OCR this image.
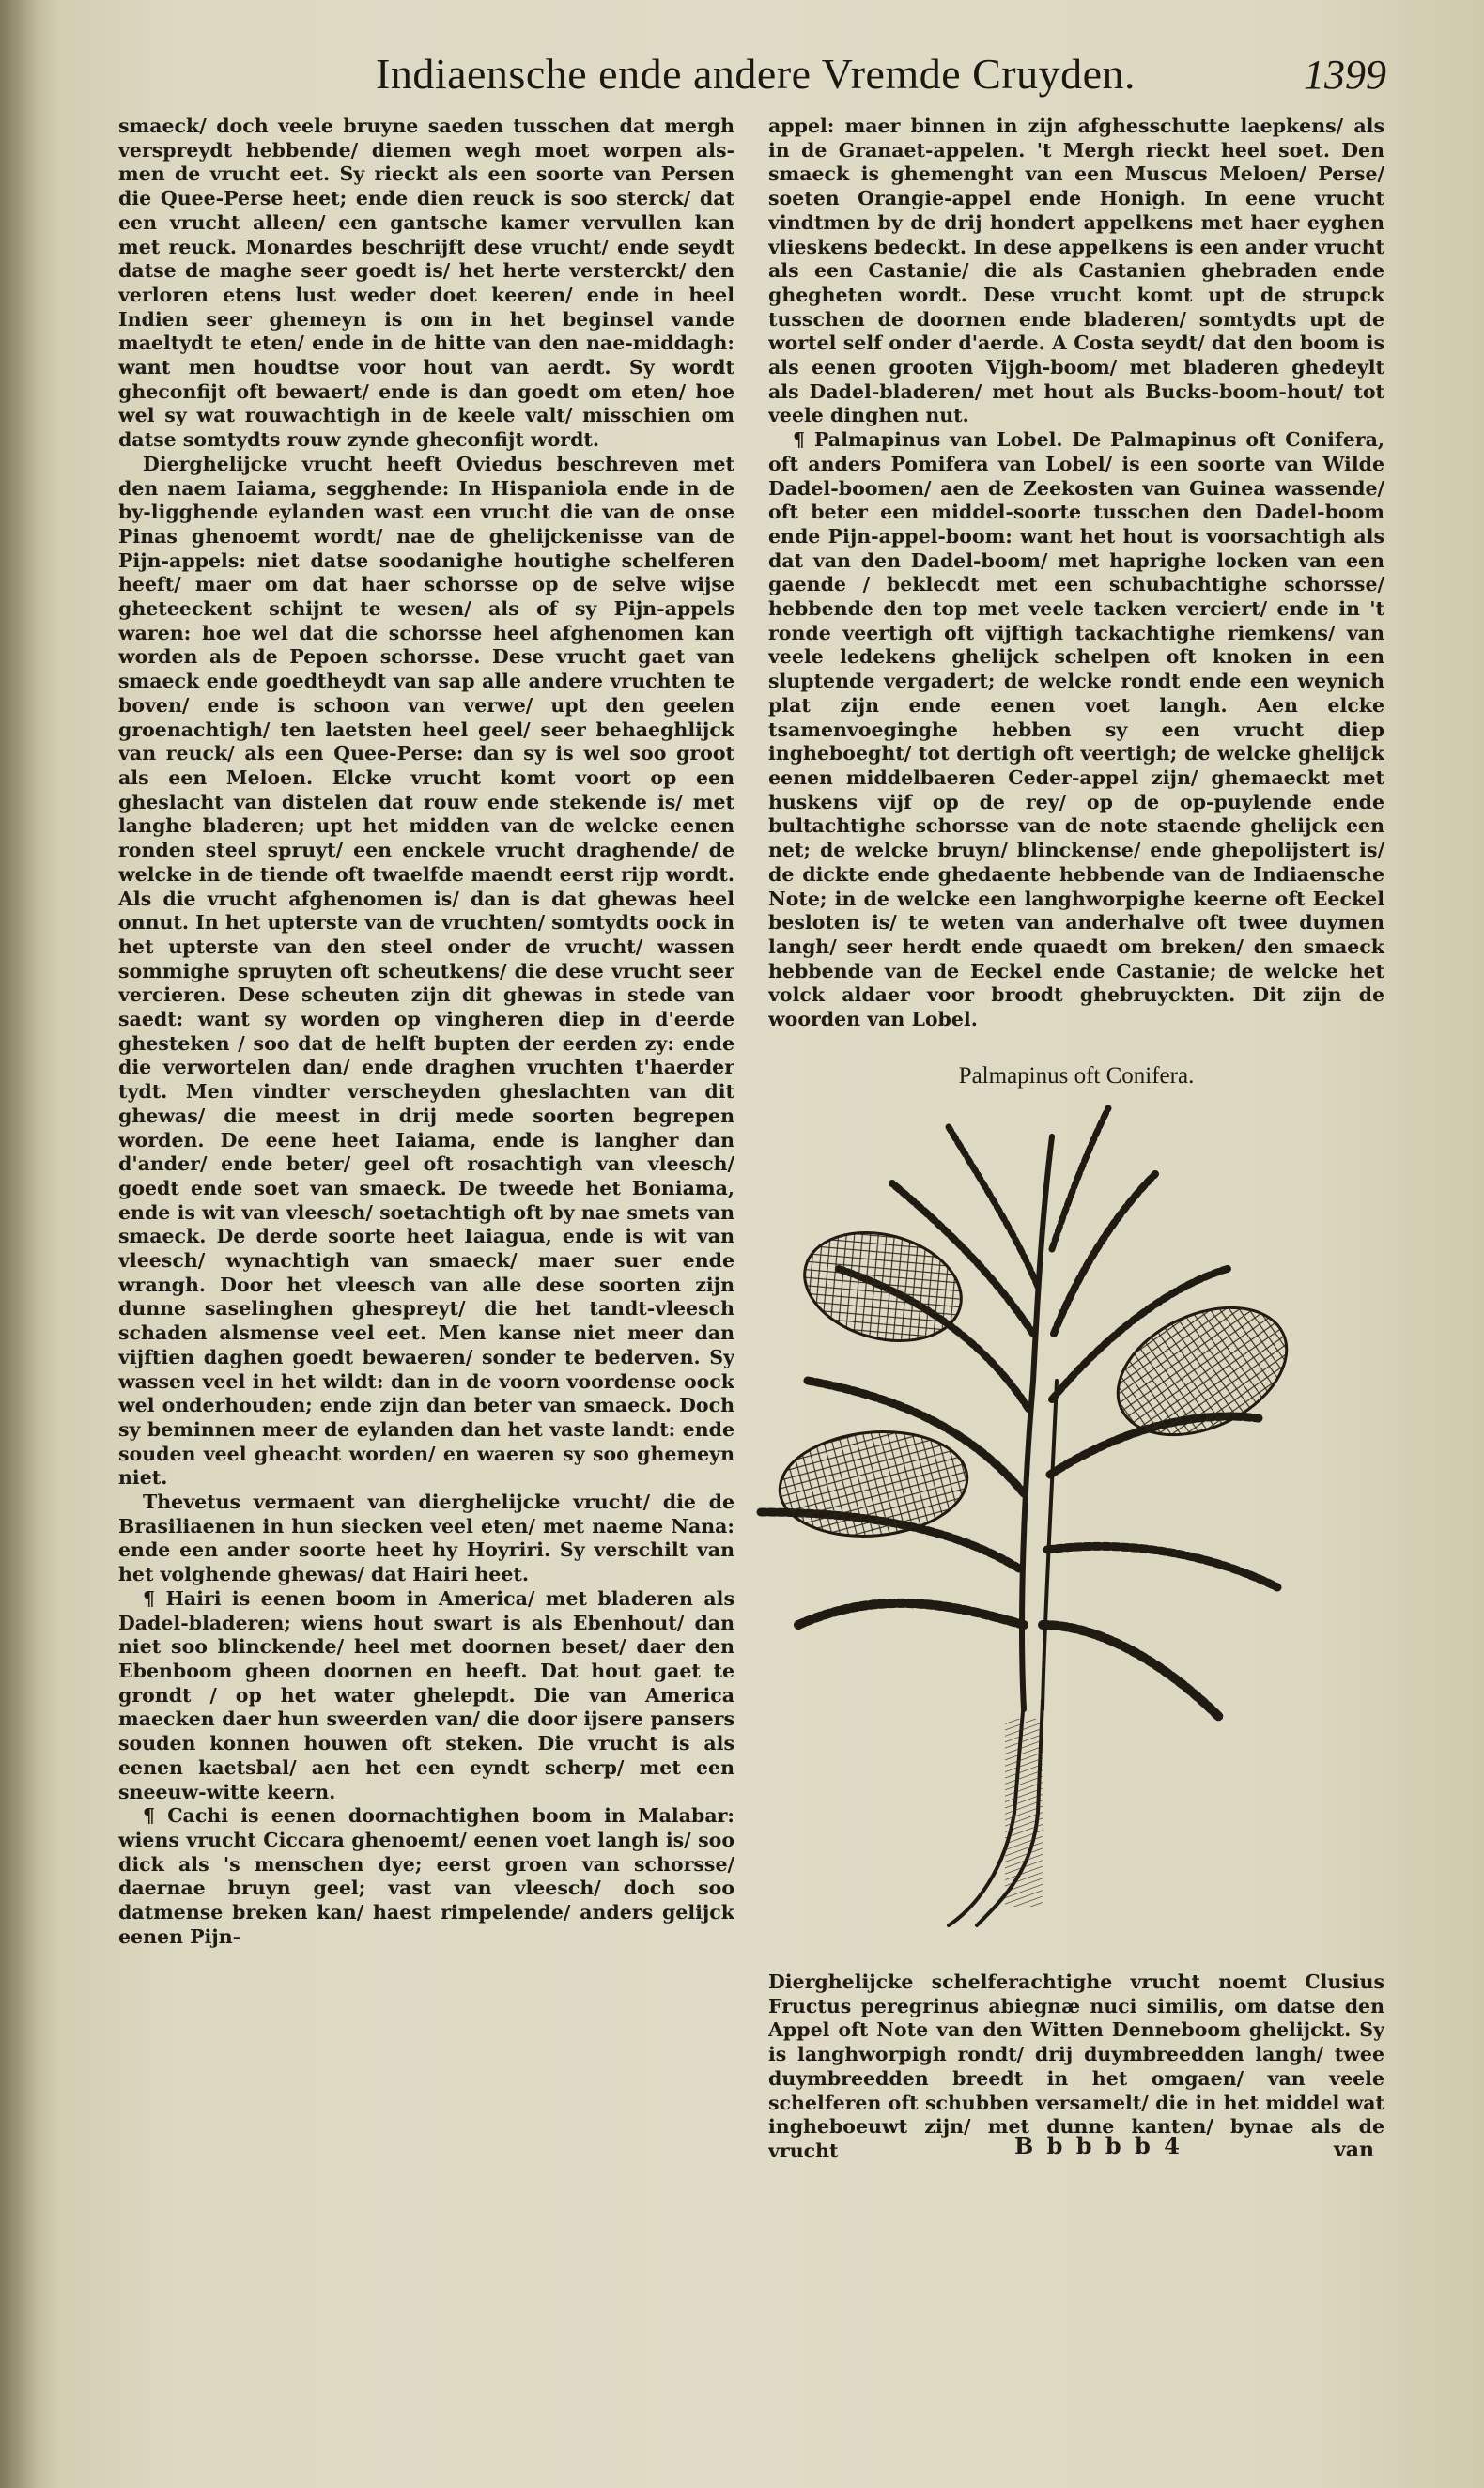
Indiaensche ende andere Vremde Cruyden.	1399

smaeck/ doch veele bruyne saeden tusschen dat mergh verspreydt hebbende/ diemen wegh moet worpen als-men de vrucht eet. Sy rieckt als een soorte van Persen die Quee-Perse heet; ende dien reuck is soo sterck/ dat een vrucht alleen/ een gantsche kamer vervullen kan met reuck. Monardes beschrijft dese vrucht/ ende seydt datse de maghe seer goedt is/ het herte versterckt/ den verloren etens lust weder doet keeren/ ende in heel Indien seer ghemeyn is om in het beginsel vande maeltydt te eten/ ende in de hitte van den nae-middagh: want men houdtse voor hout van aerdt. Sy wordt gheconfijt oft bewaert/ ende is dan goedt om eten/ hoe wel sy wat rouwachtigh in de keele valt/ misschien om datse somtydts rouw zynde gheconfijt wordt.

Dierghelijcke vrucht heeft Oviedus beschreven met den naem Iaiama, segghende: In Hispaniola ende in de by-ligghende eylanden wast een vrucht die van de onse Pinas ghenoemt wordt/ nae de ghelijckenisse van de Pijn-appels: niet datse soodanighe houtighe schelferen heeft/ maer om dat haer schorsse op de selve wijse gheteeckent schijnt te wesen/ als of sy Pijn-appels waren: hoe wel dat die schorsse heel afghenomen kan worden als de Pepoen schorsse. Dese vrucht gaet van smaeck ende goedtheydt van sap alle andere vruchten te boven/ ende is schoon van verwe/ upt den geelen groenachtigh/ ten laetsten heel geel/ seer behaeghlijck van reuck/ als een Quee-Perse: dan sy is wel soo groot als een Meloen. Elcke vrucht komt voort op een gheslacht van distelen dat rouw ende stekende is/ met langhe bladeren; upt het midden van de welcke eenen ronden steel spruyt/ een enckele vrucht draghende/ de welcke in de tiende oft twaelfde maendt eerst rijp wordt. Als die vrucht afghenomen is/ dan is dat ghewas heel onnut. In het upterste van de vruchten/ somtydts oock in het upterste van den steel onder de vrucht/ wassen sommighe spruyten oft scheutkens/ die dese vrucht seer vercieren. Dese scheuten zijn dit ghewas in stede van saedt: want sy worden op vingheren diep in d'eerde ghesteken / soo dat de helft bupten der eerden zy: ende die verwortelen dan/ ende draghen vruchten t'haerder tydt. Men vindter verscheyden gheslachten van dit ghewas/ die meest in drij mede soorten begrepen worden. De eene heet Iaiama, ende is langher dan d'ander/ ende beter/ geel oft rosachtigh van vleesch/ goedt ende soet van smaeck. De tweede het Boniama, ende is wit van vleesch/ soetachtigh oft by nae smets van smaeck. De derde soorte heet Iaiagua, ende is wit van vleesch/ wynachtigh van smaeck/ maer suer ende wrangh. Door het vleesch van alle dese soorten zijn dunne saselinghen ghespreyt/ die het tandt-vleesch schaden alsmense veel eet. Men kanse niet meer dan vijftien daghen goedt bewaeren/ sonder te bederven. Sy wassen veel in het wildt: dan in de voorn voordense oock wel onderhouden; ende zijn dan beter van smaeck. Doch sy beminnen meer de eylanden dan het vaste landt: ende souden veel gheacht worden/ en waeren sy soo ghemeyn niet.

Thevetus vermaent van dierghelijcke vrucht/ die de Brasiliaenen in hun siecken veel eten/ met naeme Nana: ende een ander soorte heet hy Hoyriri. Sy verschilt van het volghende ghewas/ dat Hairi heet.

¶ Hairi is eenen boom in America/ met bladeren als Dadel-bladeren; wiens hout swart is als Ebenhout/ dan niet soo blinckende/ heel met doornen beset/ daer den Ebenboom gheen doornen en heeft. Dat hout gaet te grondt / op het water ghelepdt. Die van America maecken daer hun sweerden van/ die door ijsere pansers souden konnen houwen oft steken. Die vrucht is als eenen kaetsbal/ aen het een eyndt scherp/ met een sneeuw-witte keern.

¶ Cachi is eenen doornachtighen boom in Malabar: wiens vrucht Ciccara ghenoemt/ eenen voet langh is/ soo dick als 's menschen dye; eerst groen van schorsse/ daernae bruyn geel; vast van vleesch/ doch soo datmense breken kan/ haest rimpelende/ anders gelijck eenen Pijn-

appel: maer binnen in zijn afghesschutte laepkens/ als in de Granaet-appelen. 't Mergh rieckt heel soet. Den smaeck is ghemenght van een Muscus Meloen/ Perse/ soeten Orangie-appel ende Honigh. In eene vrucht vindtmen by de drij hondert appelkens met haer eyghen vlieskens bedeckt. In dese appelkens is een ander vrucht als een Castanie/ die als Castanien ghebraden ende ghegheten wordt. Dese vrucht komt upt de strupck tusschen de doornen ende bladeren/ somtydts upt de wortel self onder d'aerde. A Costa seydt/ dat den boom is als eenen grooten Vijgh-boom/ met bladeren ghedeylt als Dadel-bladeren/ met hout als Bucks-boom-hout/ tot veele dinghen nut.

¶ Palmapinus van Lobel. De Palmapinus oft Conifera, oft anders Pomifera van Lobel/ is een soorte van Wilde Dadel-boomen/ aen de Zeekosten van Guinea wassende/ oft beter een middel-soorte tusschen den Dadel-boom ende Pijn-appel-boom: want het hout is voorsachtigh als dat van den Dadel-boom/ met haprighe locken van een gaende / beklecdt met een schubachtighe schorsse/ hebbende den top met veele tacken verciert/ ende in 't ronde veertigh oft vijftigh tackachtighe riemkens/ van veele ledekens ghelijck schelpen oft knoken in een sluptende vergadert; de welcke rondt ende een weynich plat zijn ende eenen voet langh. Aen elcke tsamenvoeginghe hebben sy een vrucht diep ingheboeght/ tot dertigh oft veertigh; de welcke ghelijck eenen middelbaeren Ceder-appel zijn/ ghemaeckt met huskens vijf op de rey/ op de op-puylende ende bultachtighe schorsse van de note staende ghelijck een net; de welcke bruyn/ blinckense/ ende ghepolijstert is/ de dickte ende ghedaente hebbende van de Indiaensche Note; in de welcke een langhworpighe keerne oft Eeckel besloten is/ te weten van anderhalve oft twee duymen langh/ seer herdt ende quaedt om breken/ den smaeck hebbende van de Eeckel ende Castanie; de welcke het volck aldaer voor broodt ghebruyckten. Dit zijn de woorden van Lobel.

Palmapinus oft Conifera.

Dierghelijcke schelferachtighe vrucht noemt Clusius Fructus peregrinus abiegnæ nuci similis, om datse den Appel oft Note van den Witten Denneboom ghelijckt. Sy is langhworpigh rondt/ drij duymbreedden langh/ twee duymbreedden breedt in het omgaen/ van veele schelferen oft schubben versamelt/ die in het middel wat ingheboeuwt zijn/ met dunne kanten/ bynae als de vrucht	B b b b b 4	van
